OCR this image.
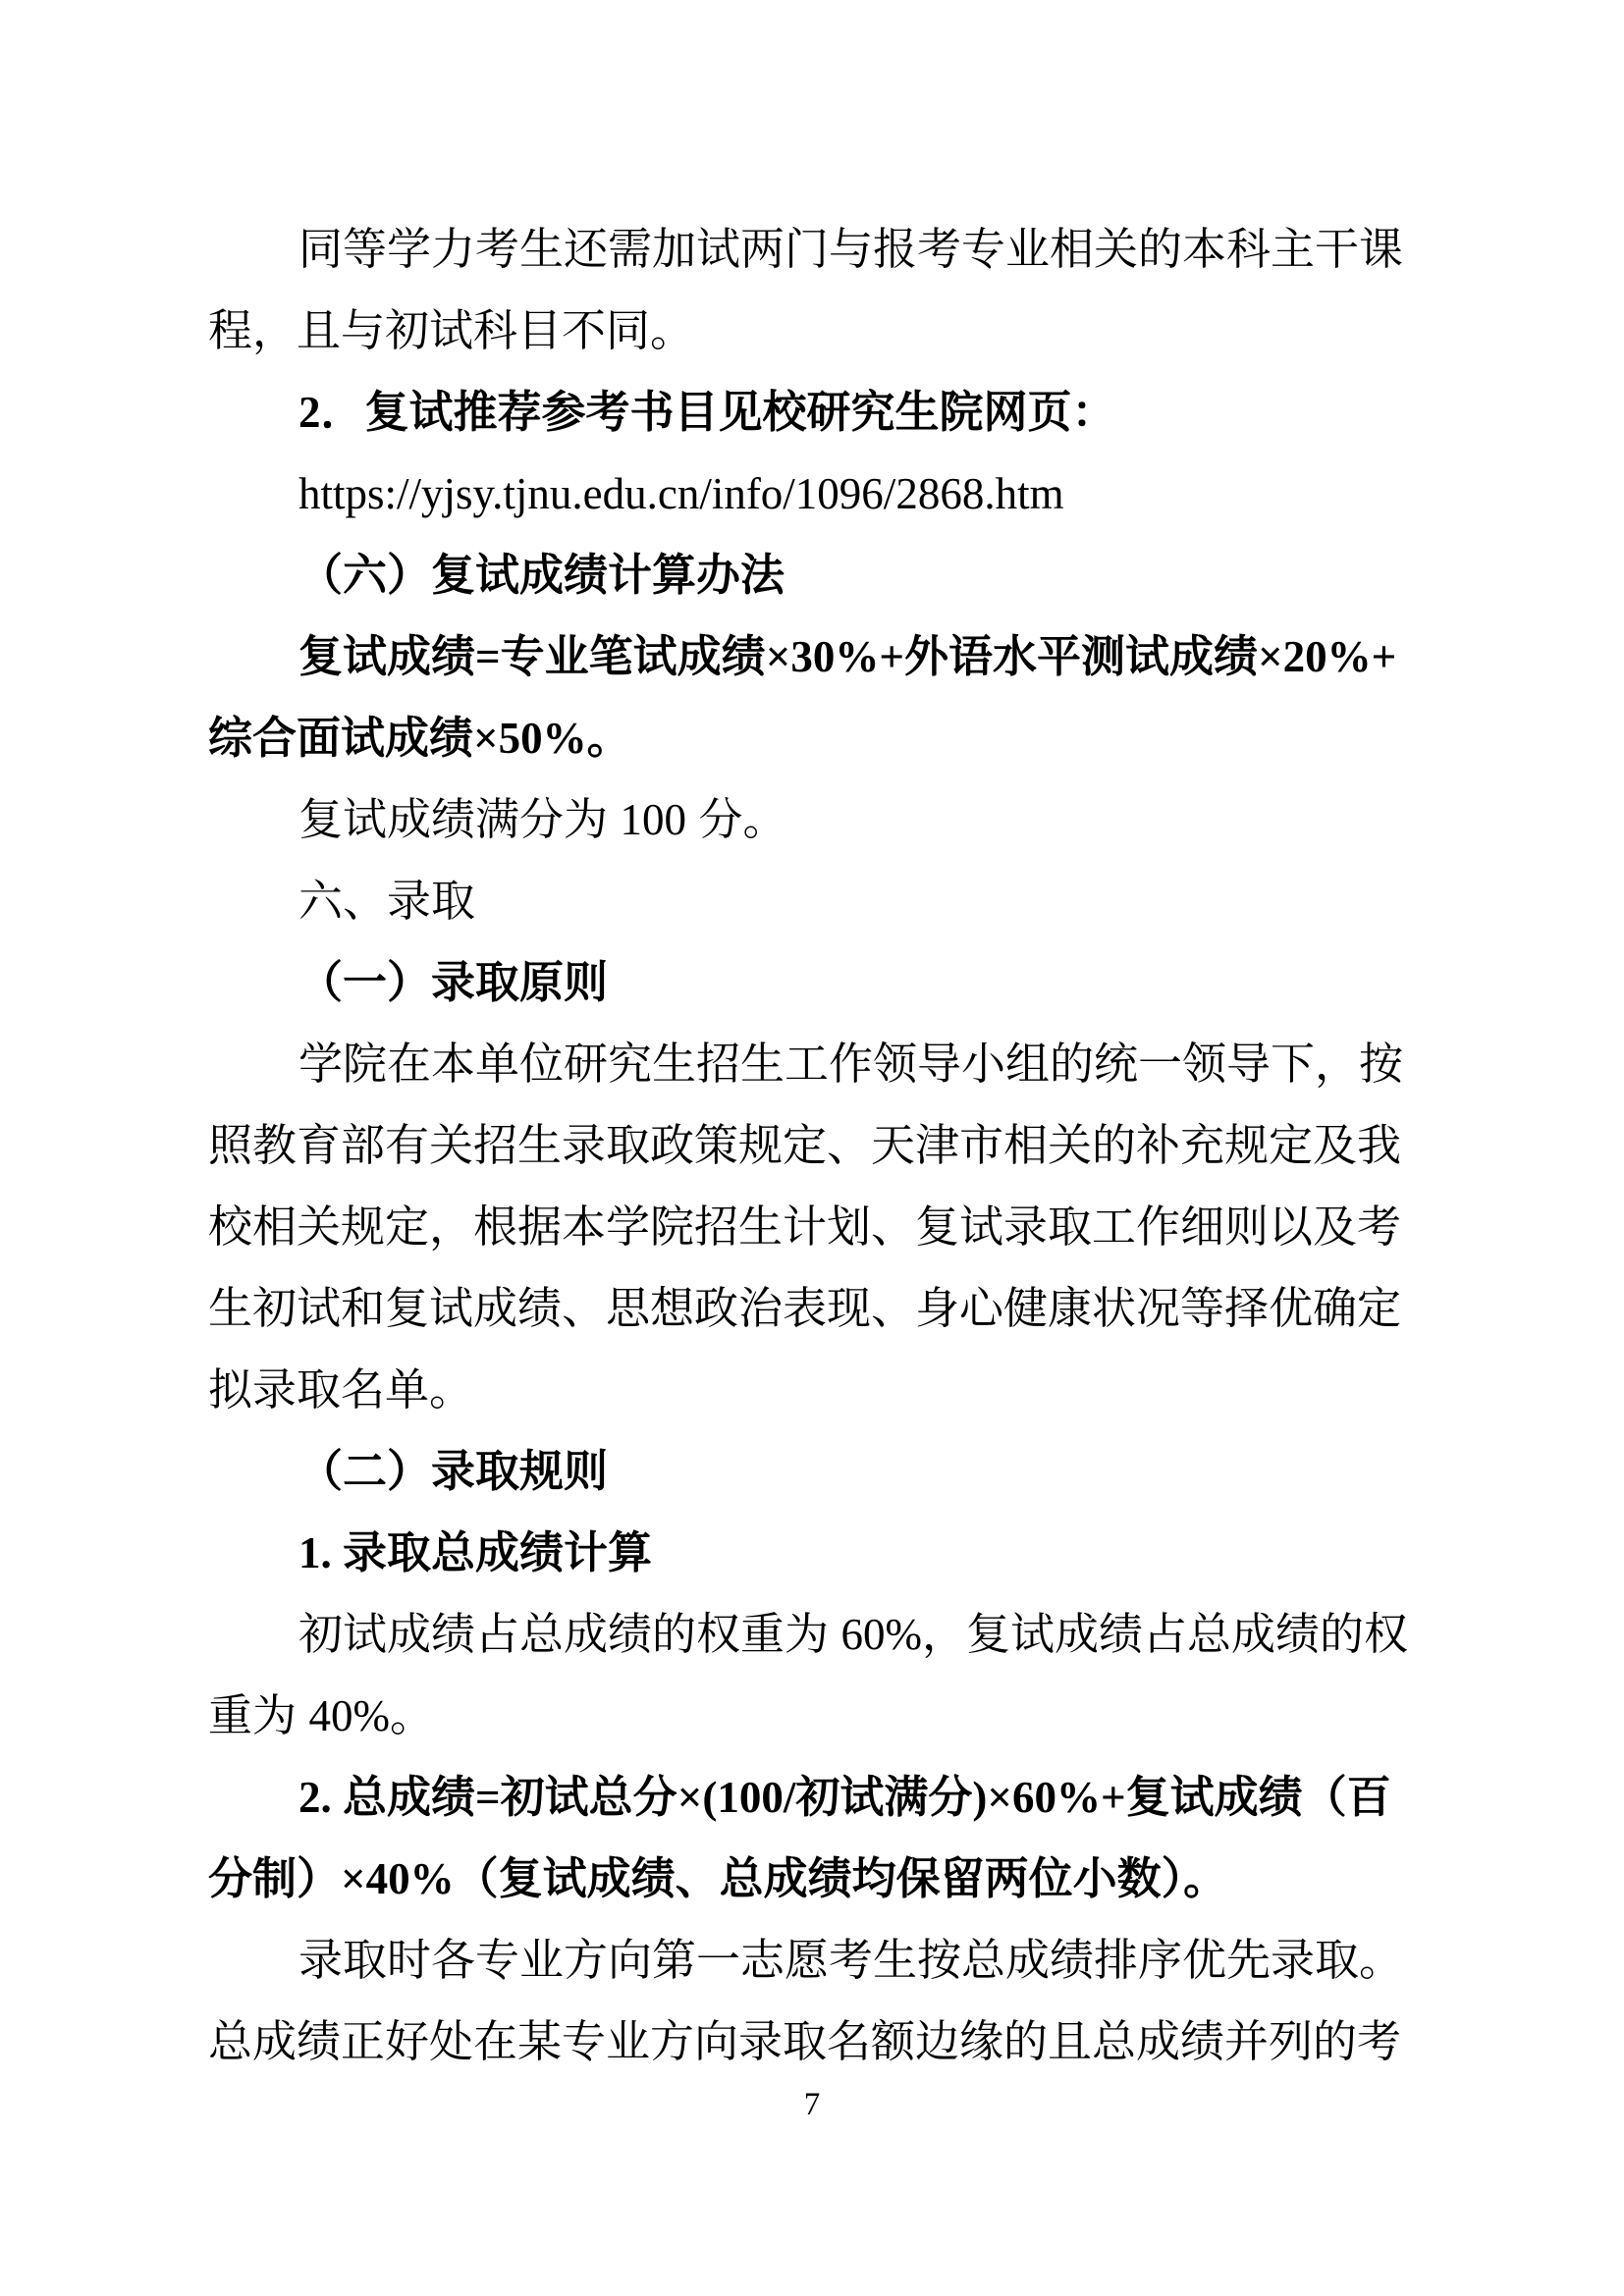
同等学力考生还需加试两门与报考专业相关的本科主干课
程，且与初试科目不同。
2．复试推荐参考书目见校研究生院网页：
https://yjsy.tjnu.edu.cn/info/1096/2868.htm
（六）复试成绩计算办法
复试成绩=专业笔试成绩×30%+外语水平测试成绩×20%+
综合面试成绩×50%。
复试成绩满分为 100 分。
六、录取
（一）录取原则
学院在本单位研究生招生工作领导小组的统一领导下，按
照教育部有关招生录取政策规定、天津市相关的补充规定及我
校相关规定，根据本学院招生计划、复试录取工作细则以及考
生初试和复试成绩、思想政治表现、身心健康状况等择优确定
拟录取名单。
（二）录取规则
1. 录取总成绩计算
初试成绩占总成绩的权重为 60%，复试成绩占总成绩的权
重为 40%。
2. 总成绩=初试总分×(100/初试满分)×60%+复试成绩（百
分制）×40%（复试成绩、总成绩均保留两位小数）。
录取时各专业方向第一志愿考生按总成绩排序优先录取。
总成绩正好处在某专业方向录取名额边缘的且总成绩并列的考
7
